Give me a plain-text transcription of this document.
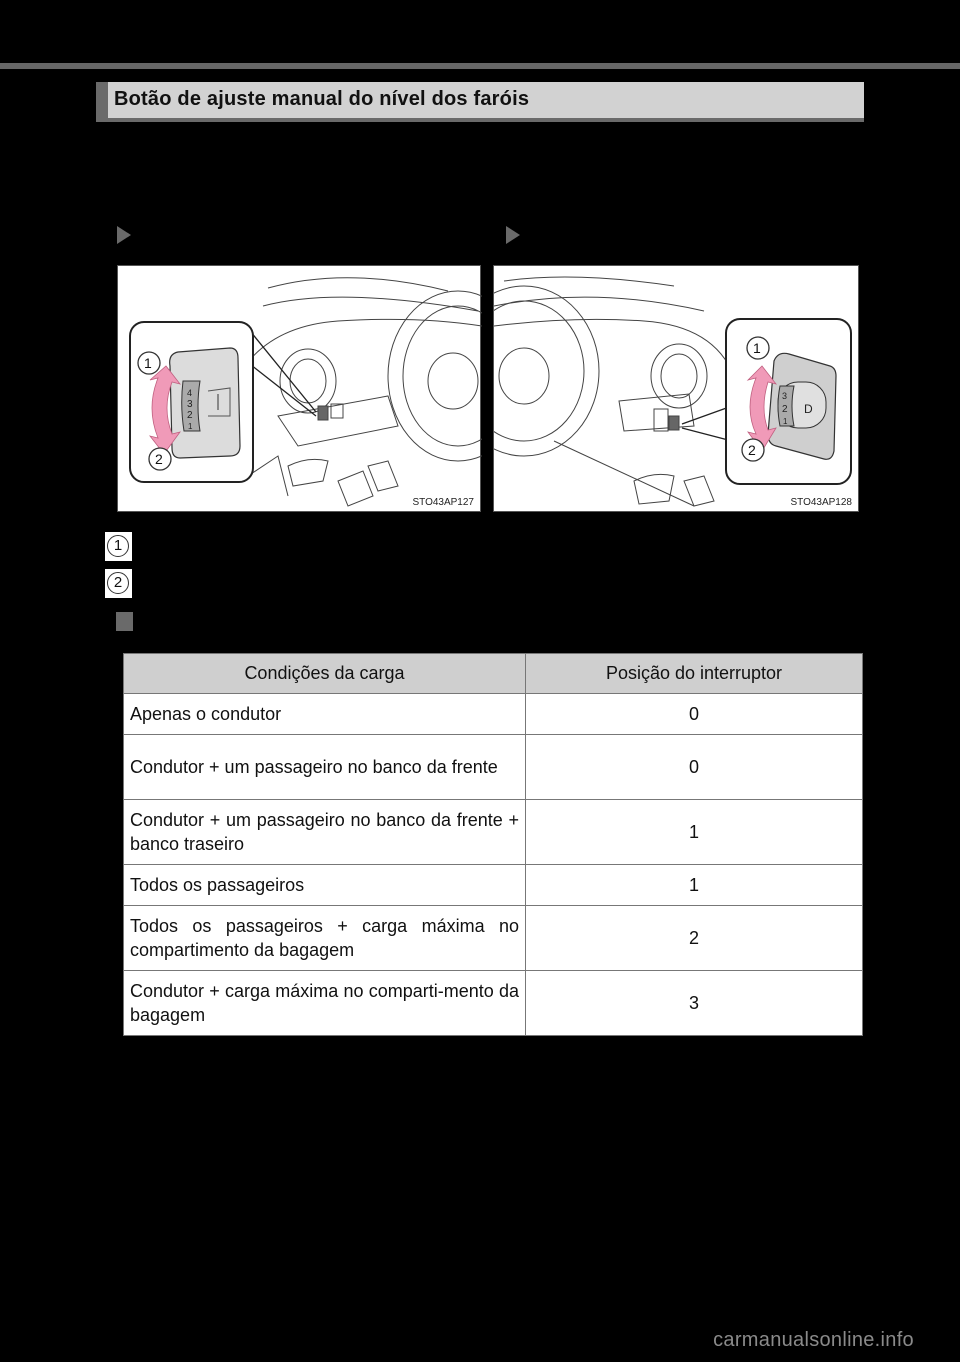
Botão de ajuste manual do nível dos faróis
4
3
2
1
1
2
STO43AP127
3
2
1
D
1
2
STO43AP128
1
2
Condições da carga	Posição do interruptor
Apenas o condutor	0
Condutor + um passageiro no banco da frente	0
Condutor + um passageiro no banco da frente + banco traseiro	1
Todos os passageiros	1
Todos os passageiros + carga máxima no compartimento da bagagem	2
Condutor + carga máxima no comparti-mento da bagagem	3
carmanualsonline.info
